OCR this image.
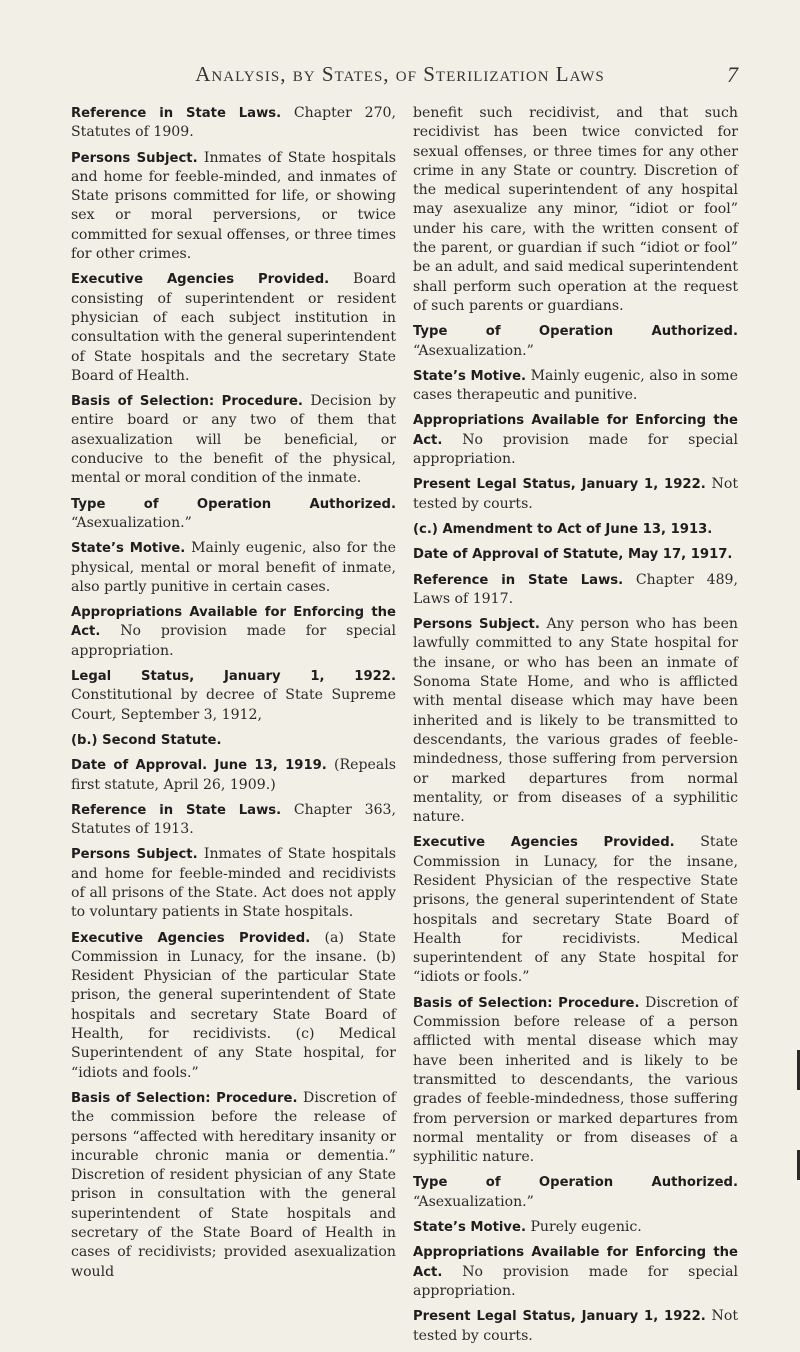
Analysis, by States, of Sterilization Laws	7

Reference in State Laws. Chapter 270, Statutes of 1909.

Persons Subject. Inmates of State hospitals and home for feeble-minded, and inmates of State prisons committed for life, or showing sex or moral perversions, or twice committed for sexual offenses, or three times for other crimes.

Executive Agencies Provided. Board consisting of superintendent or resident physician of each subject institution in consultation with the general superintendent of State hospitals and the secretary State Board of Health.

Basis of Selection: Procedure. Decision by entire board or any two of them that asexualization will be beneficial, or conducive to the benefit of the physical, mental or moral condition of the inmate.

Type of Operation Authorized. “Asexualization.”

State’s Motive. Mainly eugenic, also for the physical, mental or moral benefit of inmate, also partly punitive in certain cases.

Appropriations Available for Enforcing the Act. No provision made for special appropriation.

Legal Status, January 1, 1922. Constitutional by decree of State Supreme Court, September 3, 1912,

(b.) Second Statute.

Date of Approval. June 13, 1919. (Repeals first statute, April 26, 1909.)

Reference in State Laws. Chapter 363, Statutes of 1913.

Persons Subject. Inmates of State hospitals and home for feeble-minded and recidivists of all prisons of the State. Act does not apply to voluntary patients in State hospitals.

Executive Agencies Provided. (a) State Commission in Lunacy, for the insane. (b) Resident Physician of the particular State prison, the general superintendent of State hospitals and secretary State Board of Health, for recidivists. (c) Medical Superintendent of any State hospital, for “idiots and fools.”

Basis of Selection: Procedure. Discretion of the commission before the release of persons “affected with hereditary insanity or incurable chronic mania or dementia.” Discretion of resident physician of any State prison in consultation with the general superintendent of State hospitals and secretary of the State Board of Health in cases of recidivists; provided asexualization would

benefit such recidivist, and that such recidivist has been twice convicted for sexual offenses, or three times for any other crime in any State or country. Discretion of the medical superintendent of any hospital may asexualize any minor, “idiot or fool” under his care, with the written consent of the parent, or guardian if such “idiot or fool” be an adult, and said medical superintendent shall perform such operation at the request of such parents or guardians.

Type of Operation Authorized. “Asexualization.”

State’s Motive. Mainly eugenic, also in some cases therapeutic and punitive.

Appropriations Available for Enforcing the Act. No provision made for special appropriation.

Present Legal Status, January 1, 1922. Not tested by courts.

(c.) Amendment to Act of June 13, 1913.

Date of Approval of Statute, May 17, 1917.

Reference in State Laws. Chapter 489, Laws of 1917.

Persons Subject. Any person who has been lawfully committed to any State hospital for the insane, or who has been an inmate of Sonoma State Home, and who is afflicted with mental disease which may have been inherited and is likely to be transmitted to descendants, the various grades of feeble-mindedness, those suffering from perversion or marked departures from normal mentality, or from diseases of a syphilitic nature.

Executive Agencies Provided. State Commission in Lunacy, for the insane, Resident Physician of the respective State prisons, the general superintendent of State hospitals and secretary State Board of Health for recidivists. Medical superintendent of any State hospital for “idiots or fools.”

Basis of Selection: Procedure. Discretion of Commission before release of a person afflicted with mental disease which may have been inherited and is likely to be transmitted to descendants, the various grades of feeble-mindedness, those suffering from perversion or marked departures from normal mentality or from diseases of a syphilitic nature.

Type of Operation Authorized. “Asexualization.”

State’s Motive. Purely eugenic.

Appropriations Available for Enforcing the Act. No provision made for special appropriation.

Present Legal Status, January 1, 1922. Not tested by courts.
